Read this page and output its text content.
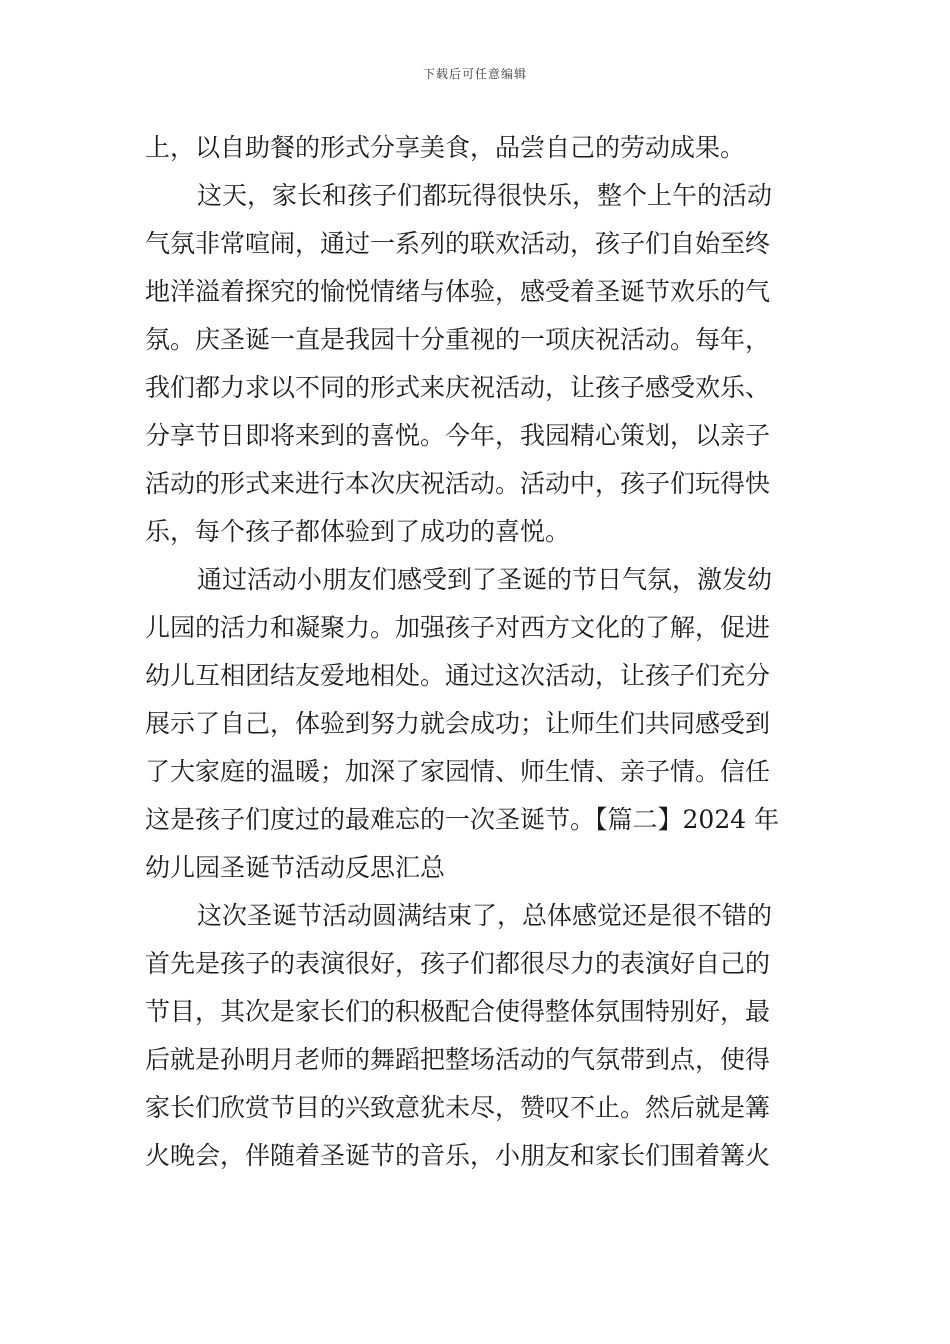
下载后可任意编辑
上，以自助餐的形式分享美食，品尝自己的劳动成果。
这天，家长和孩子们都玩得很快乐，整个上午的活动
气氛非常喧闹，通过一系列的联欢活动，孩子们自始至终
地洋溢着探究的愉悦情绪与体验，感受着圣诞节欢乐的气
氛。庆圣诞一直是我园十分重视的一项庆祝活动。每年，
我们都力求以不同的形式来庆祝活动，让孩子感受欢乐、
分享节日即将来到的喜悦。今年，我园精心策划，以亲子
活动的形式来进行本次庆祝活动。活动中，孩子们玩得快
乐，每个孩子都体验到了成功的喜悦。
通过活动小朋友们感受到了圣诞的节日气氛，激发幼
儿园的活力和凝聚力。加强孩子对西方文化的了解，促进
幼儿互相团结友爱地相处。通过这次活动，让孩子们充分
展示了自己，体验到努力就会成功；让师生们共同感受到
了大家庭的温暖；加深了家园情、师生情、亲子情。信任
这是孩子们度过的最难忘的一次圣诞节。【篇二】2024 年
幼儿园圣诞节活动反思汇总
这次圣诞节活动圆满结束了，总体感觉还是很不错的
首先是孩子的表演很好，孩子们都很尽力的表演好自己的
节目，其次是家长们的积极配合使得整体氛围特别好，最
后就是孙明月老师的舞蹈把整场活动的气氛带到点，使得
家长们欣赏节目的兴致意犹未尽，赞叹不止。然后就是篝
火晚会，伴随着圣诞节的音乐，小朋友和家长们围着篝火
